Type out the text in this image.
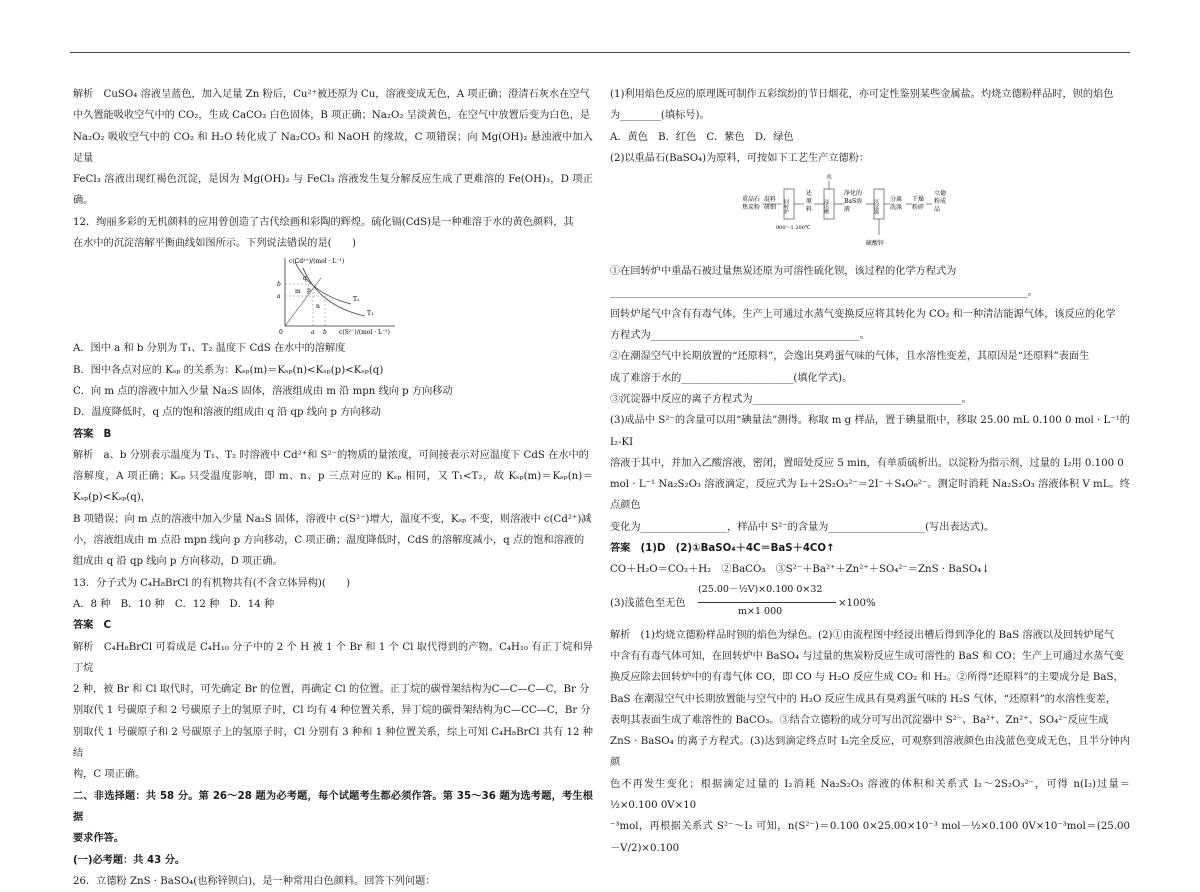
解析　CuSO₄ 溶液呈蓝色，加入足量 Zn 粉后，Cu²⁺被还原为 Cu，溶液变成无色，A 项正确；澄清石灰水在空气

中久置能吸收空气中的 CO₂，生成 CaCO₃ 白色固体，B 项正确；Na₂O₂ 呈淡黄色，在空气中放置后变为白色，是

Na₂O₂ 吸收空气中的 CO₂ 和 H₂O 转化成了 Na₂CO₃ 和 NaOH 的缘故，C 项错误；向 Mg(OH)₂ 悬浊液中加入足量

FeCl₃ 溶液出现红褐色沉淀，是因为 Mg(OH)₂ 与 FeCl₃ 溶液发生复分解反应生成了更难溶的 Fe(OH)₃，D 项正确。

12．绚丽多彩的无机颜料的应用曾创造了古代绘画和彩陶的辉煌。硫化镉(CdS)是一种难溶于水的黄色颜料，其

在水中的沉淀溶解平衡曲线如图所示。下列说法错误的是(　　)

c(Cd²⁺)/(mol · L⁻¹)
c(S²⁻)/(mol · L⁻¹)
b
a
m
n
p
q
T₂
T₁
a b
0

A．图中 a 和 b 分别为 T₁、T₂ 温度下 CdS 在水中的溶解度

B．图中各点对应的 Kₛₚ 的关系为：Kₛₚ(m)＝Kₛₚ(n)<Kₛₚ(p)<Kₛₚ(q)

C．向 m 点的溶液中加入少量 Na₂S 固体，溶液组成由 m 沿 mpn 线向 p 方向移动

D．温度降低时，q 点的饱和溶液的组成由 q 沿 qp 线向 p 方向移动

答案　B

解析　a、b 分别表示温度为 T₁、T₂ 时溶液中 Cd²⁺和 S²⁻的物质的量浓度，可间接表示对应温度下 CdS 在水中的

溶解度，A 项正确；Kₛₚ 只受温度影响，即 m、n、p 三点对应的 Kₛₚ 相同，又 T₁<T₂，故 Kₛₚ(m)＝Kₛₚ(n)＝Kₛₚ(p)<Kₛₚ(q)，

B 项错误；向 m 点的溶液中加入少量 Na₂S 固体，溶液中 c(S²⁻)增大，温度不变，Kₛₚ 不变，则溶液中 c(Cd²⁺)减

小，溶液组成由 m 点沿 mpn 线向 p 方向移动，C 项正确；温度降低时，CdS 的溶解度减小，q 点的饱和溶液的

组成由 q 沿 qp 线向 p 方向移动，D 项正确。

13．分子式为 C₄H₈BrCl 的有机物共有(不含立体异构)(　　)

A．8 种　B．10 种　C．12 种　D．14 种

答案　C

解析　C₄H₈BrCl 可看成是 C₄H₁₀ 分子中的 2 个 H 被 1 个 Br 和 1 个 Cl 取代得到的产物。C₄H₁₀ 有正丁烷和异丁烷

2 种，被 Br 和 Cl 取代时，可先确定 Br 的位置，再确定 Cl 的位置。正丁烷的碳骨架结构为C—C—C—C，Br 分

别取代 1 号碳原子和 2 号碳原子上的氢原子时，Cl 均有 4 种位置关系，异丁烷的碳骨架结构为C—CC—C，Br 分

别取代 1 号碳原子和 2 号碳原子上的氢原子时，Cl 分别有 3 种和 1 种位置关系，综上可知 C₄H₈BrCl 共有 12 种结

构，C 项正确。

二、非选择题：共 58 分。第 26～28 题为必考题，每个试题考生都必须作答。第 35～36 题为选考题，考生根据

要求作答。

(一)必考题：共 43 分。

26．立德粉 ZnS · BaSO₄(也称锌钡白)，是一种常用白色颜料。回答下列问题：

(1)利用焰色反应的原理既可制作五彩缤纷的节日烟花，亦可定性鉴别某些金属盐。灼烧立德粉样品时，钡的焰色

为________(填标号)。

A．黄色　B．红色　C．紫色　D．绿色

(2)以重晶石(BaSO₄)为原料，可按如下工艺生产立德粉：

重晶石
焦炭粉
混料
研细 回转炉
900～1 200℃
还
原
料
水
浸出槽
净化的
BaS溶
液	沉淀器
硫酸锌
分离
洗涤
干燥
粉碎
立德
粉成
品

①在回转炉中重晶石被过量焦炭还原为可溶性硫化钡，该过程的化学方程式为

__________________________________________________________________________________。

回转炉尾气中含有有毒气体，生产上可通过水蒸气变换反应将其转化为 CO₂ 和一种清洁能源气体，该反应的化学

方程式为_________________________________________。

②在潮湿空气中长期放置的“还原料”，会逸出臭鸡蛋气味的气体，且水溶性变差，其原因是“还原料”表面生

成了难溶于水的______________________(填化学式)。

③沉淀器中反应的离子方程式为_________________________________________。

(3)成品中 S²⁻的含量可以用“碘量法”测得。称取 m g 样品，置于碘量瓶中，移取 25.00 mL 0.100 0 mol · L⁻¹的 I₂-KI

溶液于其中，并加入乙酸溶液，密闭，置暗处反应 5 min，有单质硫析出。以淀粉为指示剂，过量的 I₂用 0.100 0

mol · L⁻¹ Na₂S₂O₃ 溶液滴定，反应式为 I₂＋2S₂O₃²⁻＝2I⁻＋S₄O₆²⁻。测定时消耗 Na₂S₂O₃ 溶液体积 V mL。终点颜色

变化为_________________，样品中 S²⁻的含量为___________________(写出表达式)。

答案　(1)D　(2)①BaSO₄＋4C＝BaS＋4CO↑

CO＋H₂O＝CO₂＋H₂　②BaCO₃　③S²⁻＋Ba²⁺＋Zn²⁺＋SO₄²⁻＝ZnS · BaSO₄↓

(3)浅蓝色至无色
(25.00－½V)×0.100 0×32
m×1 000
×100%

解析　(1)灼烧立德粉样品时钡的焰色为绿色。(2)①由流程图中经浸出槽后得到净化的 BaS 溶液以及回转炉尾气

中含有有毒气体可知，在回转炉中 BaSO₄ 与过量的焦炭粉反应生成可溶性的 BaS 和 CO；生产上可通过水蒸气变

换反应除去回转炉中的有毒气体 CO，即 CO 与 H₂O 反应生成 CO₂ 和 H₂。②所得“还原料”的主要成分是 BaS，

BaS 在潮湿空气中长期放置能与空气中的 H₂O 反应生成具有臭鸡蛋气味的 H₂S 气体，“还原料”的水溶性变差，

表明其表面生成了难溶性的 BaCO₃。③结合立德粉的成分可写出沉淀器中 S²⁻、Ba²⁺、Zn²⁺、SO₄²⁻反应生成

ZnS · BaSO₄ 的离子方程式。(3)达到滴定终点时 I₂完全反应，可观察到溶液颜色由浅蓝色变成无色，且半分钟内颜

色不再发生变化；根据滴定过量的 I₂消耗 Na₂S₂O₃ 溶液的体积和关系式 I₂～2S₂O₃²⁻，可得 n(I₂)过量＝½×0.100 0V×10

⁻³mol，再根据关系式 S²⁻～I₂ 可知，n(S²⁻)＝0.100 0×25.00×10⁻³ mol－½×0.100 0V×10⁻³mol＝(25.00－V/2)×0.100
